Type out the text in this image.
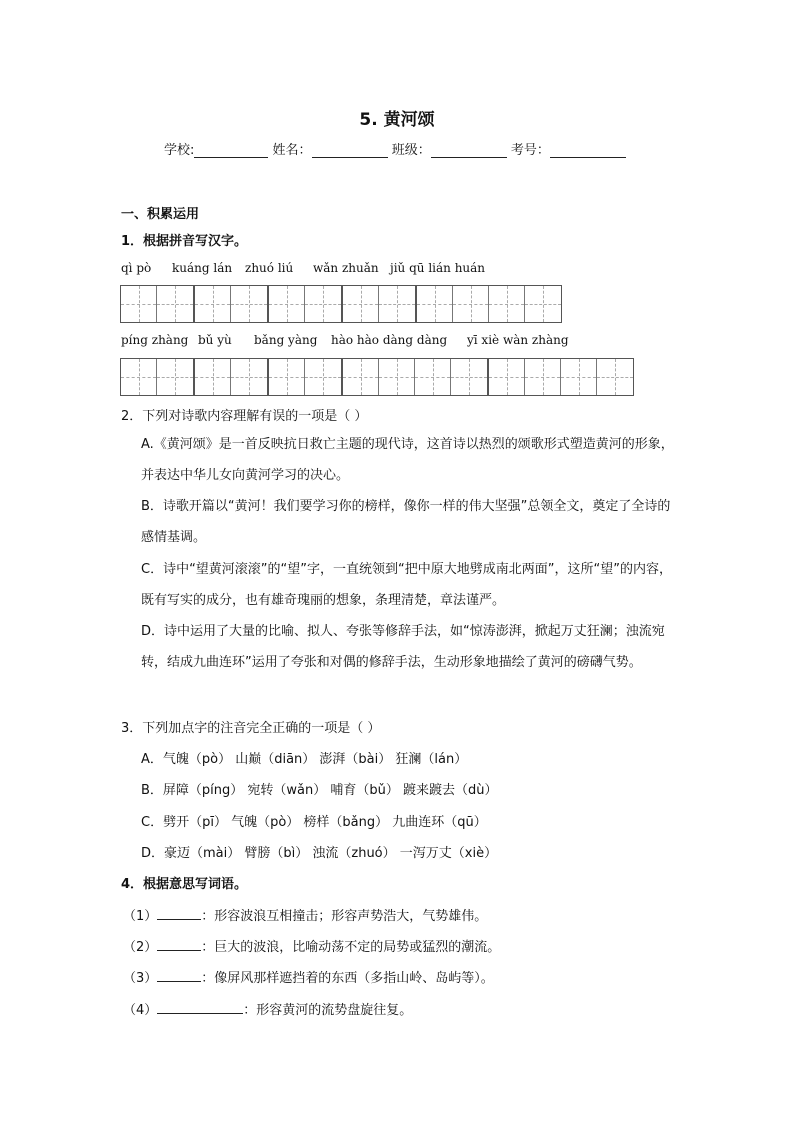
5. 黄河颂
学校:	姓名：	班级：	考号：
一、积累运用
1．根据拼音写汉字。
qì pò kuáng lán zhuó liú wǎn zhuǎn jiǔ qū lián huán
píng zhàng bǔ yù bǎng yàng hào hào dàng dàng yī xiè wàn zhàng
2．下列对诗歌内容理解有误的一项是（ ）
A.《黄河颂》是一首反映抗日救亡主题的现代诗，这首诗以热烈的颂歌形式塑造黄河的形象，并表达中华儿女向黄河学习的决心。
B．诗歌开篇以“黄河！我们要学习你的榜样，像你一样的伟大坚强”总领全文，奠定了全诗的感情基调。
C．诗中“望黄河滚滚”的“望”字，一直统领到“把中原大地劈成南北两面”，这所“望”的内容，既有写实的成分，也有雄奇瑰丽的想象，条理清楚，章法谨严。
D．诗中运用了大量的比喻、拟人、夸张等修辞手法，如“惊涛澎湃，掀起万丈狂澜；浊流宛转，结成九曲连环”运用了夸张和对偶的修辞手法，生动形象地描绘了黄河的磅礴气势。
3．下列加点字的注音完全正确的一项是（ ）
A．气魄（pò） 山巅（diān） 澎湃（bài） 狂澜（lán）
B．屏障（píng） 宛转（wǎn） 哺育（bǔ） 踱来踱去（dù）
C．劈开（pī） 气魄（pò） 榜样（bǎng） 九曲连环（qū）
D．豪迈（mài） 臂膀（bì） 浊流（zhuó） 一泻万丈（xiè）
4．根据意思写词语。
（1）	：形容波浪互相撞击；形容声势浩大，气势雄伟。
（2）	：巨大的波浪，比喻动荡不定的局势或猛烈的潮流。
（3）	：像屏风那样遮挡着的东西（多指山岭、岛屿等）。
（4）	：形容黄河的流势盘旋往复。
